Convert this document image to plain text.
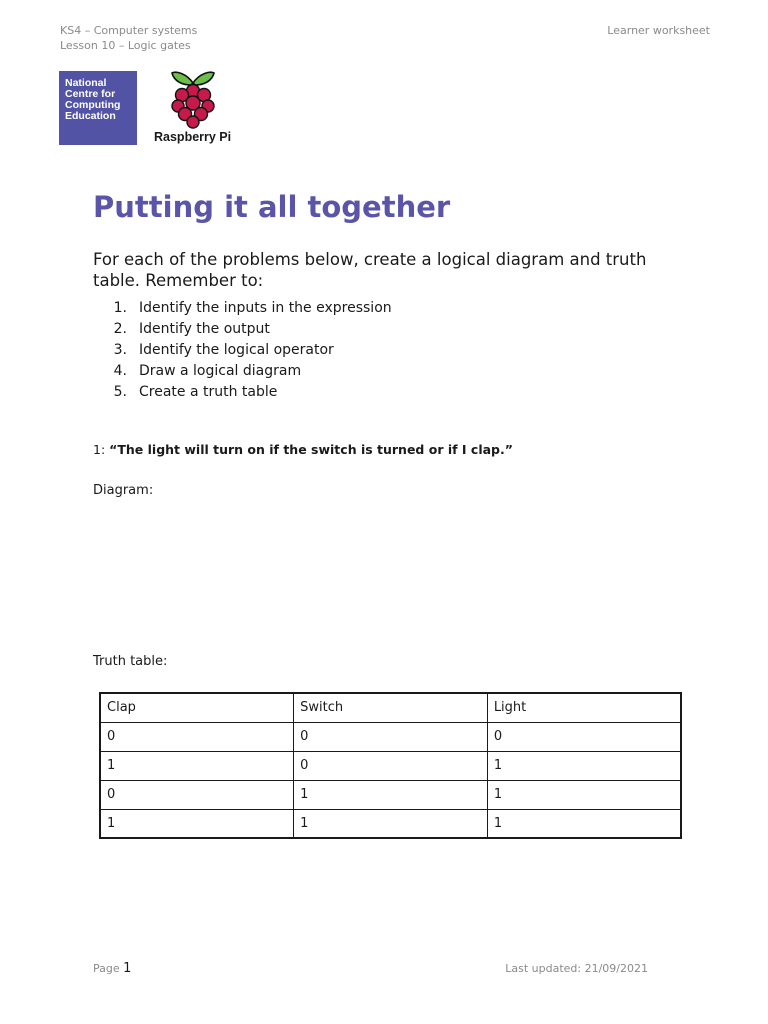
KS4 – Computer systems
Lesson 10 – Logic gates
Learner worksheet
National
Centre for
Computing
Education
Raspberry Pi
Putting it all together

For each of the problems below, create a logical diagram and truth table. Remember to:

1. Identify the inputs in the expression
2. Identify the output
3. Identify the logical operator
4. Draw a logical diagram
5. Create a truth table
1: “The light will turn on if the switch is turned or if I clap.”
Diagram:
Truth table:
Clap	Switch	Light
0	0	0
1	0	1
0	1	1
1	1	1
Page 1	Last updated: 21/09/2021
